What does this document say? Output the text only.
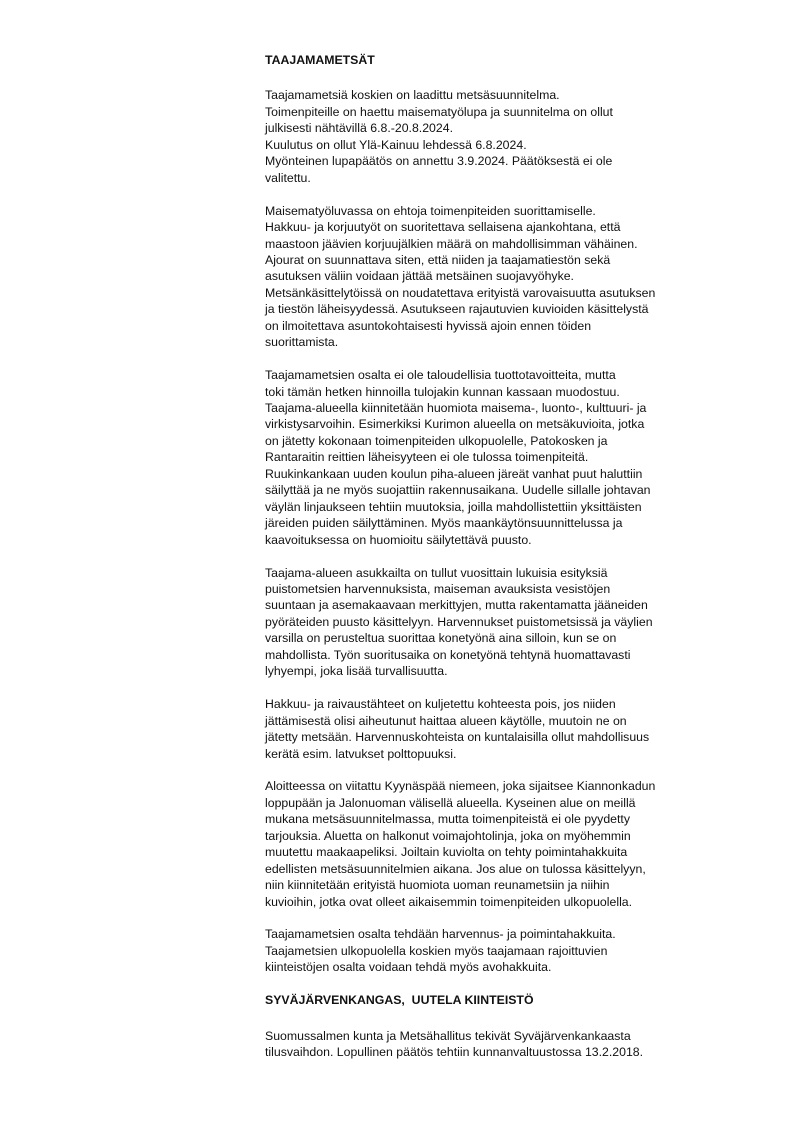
TAAJAMAMETSÄT

Taajamametsiä koskien on laadittu metsäsuunnitelma.
Toimenpiteille on haettu maisematyölupa ja suunnitelma on ollut
julkisesti nähtävillä 6.8.-20.8.2024.
Kuulutus on ollut Ylä-Kainuu lehdessä 6.8.2024.
Myönteinen lupapäätös on annettu 3.9.2024. Päätöksestä ei ole
valitettu.

Maisematyöluvassa on ehtoja toimenpiteiden suorittamiselle.
Hakkuu- ja korjuutyöt on suoritettava sellaisena ajankohtana, että
maastoon jäävien korjuujälkien määrä on mahdollisimman vähäinen.
Ajourat on suunnattava siten, että niiden ja taajamatiestön sekä
asutuksen väliin voidaan jättää metsäinen suojavyöhyke.
Metsänkäsittelytöissä on noudatettava erityistä varovaisuutta asutuksen
ja tiestön läheisyydessä. Asutukseen rajautuvien kuvioiden käsittelystä
on ilmoitettava asuntokohtaisesti hyvissä ajoin ennen töiden
suorittamista.

Taajamametsien osalta ei ole taloudellisia tuottotavoitteita, mutta
toki tämän hetken hinnoilla tulojakin kunnan kassaan muodostuu.
Taajama-alueella kiinnitetään huomiota maisema-, luonto-, kulttuuri- ja
virkistysarvoihin. Esimerkiksi Kurimon alueella on metsäkuvioita, jotka
on jätetty kokonaan toimenpiteiden ulkopuolelle, Patokosken ja
Rantaraitin reittien läheisyyteen ei ole tulossa toimenpiteitä.
Ruukinkankaan uuden koulun piha-alueen järeät vanhat puut haluttiin
säilyttää ja ne myös suojattiin rakennusaikana. Uudelle sillalle johtavan
väylän linjaukseen tehtiin muutoksia, joilla mahdollistettiin yksittäisten
järeiden puiden säilyttäminen. Myös maankäytönsuunnittelussa ja
kaavoituksessa on huomioitu säilytettävä puusto.

Taajama-alueen asukkailta on tullut vuosittain lukuisia esityksiä
puistometsien harvennuksista, maiseman avauksista vesistöjen
suuntaan ja asemakaavaan merkittyjen, mutta rakentamatta jääneiden
pyöräteiden puusto käsittelyyn. Harvennukset puistometsissä ja väylien
varsilla on perusteltua suorittaa konetyönä aina silloin, kun se on
mahdollista. Työn suoritusaika on konetyönä tehtynä huomattavasti
lyhyempi, joka lisää turvallisuutta.

Hakkuu- ja raivaustähteet on kuljetettu kohteesta pois, jos niiden
jättämisestä olisi aiheutunut haittaa alueen käytölle, muutoin ne on
jätetty metsään. Harvennuskohteista on kuntalaisilla ollut mahdollisuus
kerätä esim. latvukset polttopuuksi.

Aloitteessa on viitattu Kyynäspää niemeen, joka sijaitsee Kiannonkadun
loppupään ja Jalonuoman välisellä alueella. Kyseinen alue on meillä
mukana metsäsuunnitelmassa, mutta toimenpiteistä ei ole pyydetty
tarjouksia. Aluetta on halkonut voimajohtolinja, joka on myöhemmin
muutettu maakaapeliksi. Joiltain kuviolta on tehty poimintahakkuita
edellisten metsäsuunnitelmien aikana. Jos alue on tulossa käsittelyyn,
niin kiinnitetään erityistä huomiota uoman reunametsiin ja niihin
kuvioihin, jotka ovat olleet aikaisemmin toimenpiteiden ulkopuolella.

Taajamametsien osalta tehdään harvennus- ja poimintahakkuita.
Taajametsien ulkopuolella koskien myös taajamaan rajoittuvien
kiinteistöjen osalta voidaan tehdä myös avohakkuita.

SYVÄJÄRVENKANGAS,  UUTELA KIINTEISTÖ

Suomussalmen kunta ja Metsähallitus tekivät Syväjärvenkankaasta
tilusvaihdon. Lopullinen päätös tehtiin kunnanvaltuustossa 13.2.2018.
